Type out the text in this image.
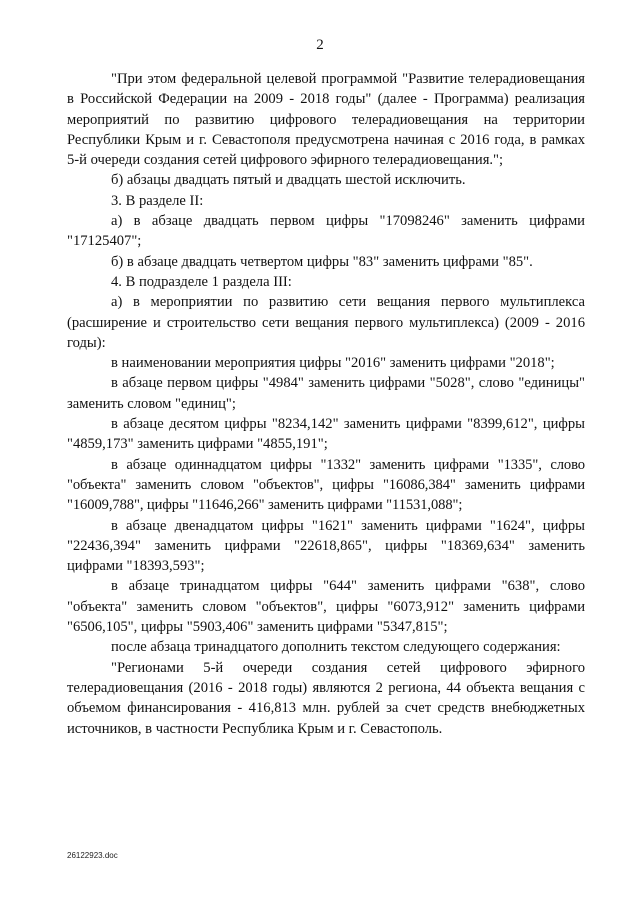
2

"При этом федеральной целевой программой "Развитие телерадиовещания в Российской Федерации на 2009 - 2018 годы" (далее - Программа) реализация мероприятий по развитию цифрового телерадиовещания на территории Республики Крым и г. Севастополя предусмотрена начиная с 2016 года, в рамках 5-й очереди создания сетей цифрового эфирного телерадиовещания.";

б) абзацы двадцать пятый и двадцать шестой исключить.

3. В разделе II:

а) в абзаце двадцать первом цифры "17098246" заменить цифрами "17125407";

б) в абзаце двадцать четвертом цифры "83" заменить цифрами "85".

4. В подразделе 1 раздела III:

а) в мероприятии по развитию сети вещания первого мультиплекса (расширение и строительство сети вещания первого мультиплекса) (2009 - 2016 годы):

в наименовании мероприятия цифры "2016" заменить цифрами "2018";

в абзаце первом цифры "4984" заменить цифрами "5028", слово "единицы" заменить словом "единиц";

в абзаце десятом цифры "8234,142" заменить цифрами "8399,612", цифры "4859,173" заменить цифрами "4855,191";

в абзаце одиннадцатом цифры "1332" заменить цифрами "1335", слово "объекта" заменить словом "объектов", цифры "16086,384" заменить цифрами "16009,788", цифры "11646,266" заменить цифрами "11531,088";

в абзаце двенадцатом цифры "1621" заменить цифрами "1624", цифры "22436,394" заменить цифрами "22618,865", цифры "18369,634" заменить цифрами "18393,593";

в абзаце тринадцатом цифры "644" заменить цифрами "638", слово "объекта" заменить словом "объектов", цифры "6073,912" заменить цифрами "6506,105", цифры "5903,406" заменить цифрами "5347,815";

после абзаца тринадцатого дополнить текстом следующего содержания:

"Регионами 5-й очереди создания сетей цифрового эфирного телерадиовещания (2016 - 2018 годы) являются 2 региона, 44 объекта вещания с объемом финансирования - 416,813 млн. рублей за счет средств внебюджетных источников, в частности Республика Крым и г. Севастополь.

26122923.doc
